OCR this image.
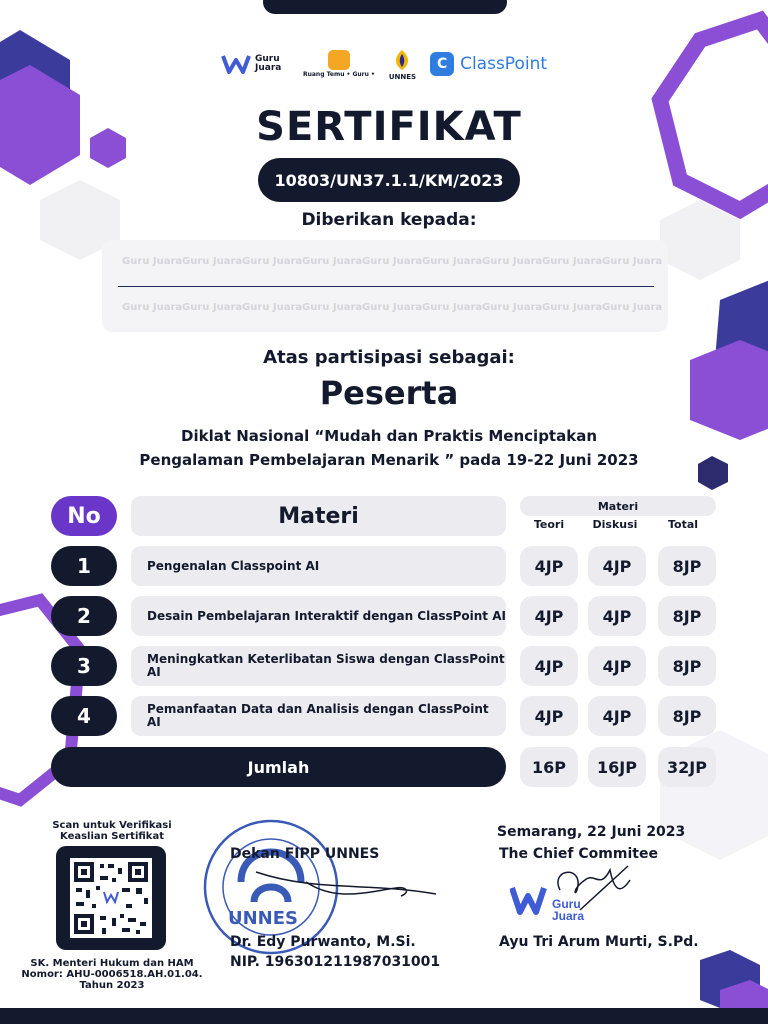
Guru Juara
Ruang Temu • Guru • UNNES
C ClassPoint
SERTIFIKAT
10803/UN37.1.1/KM/2023
Diberikan kepada:
Guru Juara Guru Juara Guru Juara Guru Juara Guru Juara Guru Juara Guru Juara Guru Juara Guru Juara
Guru Juara Guru Juara Guru Juara Guru Juara Guru Juara Guru Juara Guru Juara Guru Juara Guru Juara
Atas partisipasi sebagai:
Peserta
Diklat Nasional “Mudah dan Praktis Menciptakan
Pengalaman Pembelajaran Menarik ” pada 19-22 Juni 2023
No	Materi	Materi
Teori	Diskusi	Total
1	Pengenalan Classpoint AI	4JP	4JP	8JP
2	Desain Pembelajaran Interaktif dengan ClassPoint AI	4JP	4JP	8JP
3	Meningkatkan Keterlibatan Siswa dengan ClassPoint AI	4JP	4JP	8JP
4	Pemanfaatan Data dan Analisis dengan ClassPoint AI	4JP	4JP	8JP
Jumlah	16P	16JP	32JP
Scan untuk Verifikasi
Keaslian Sertifikat
SK. Menteri Hukum dan HAM
Nomor: AHU-0006518.AH.01.04.
Tahun 2023
Dekan FIPP UNNES
UNNES
Dr. Edy Purwanto, M.Si.
NIP. 196301211987031001
Semarang, 22 Juni 2023
The Chief Commitee
Guru
Juara
Ayu Tri Arum Murti, S.Pd.
